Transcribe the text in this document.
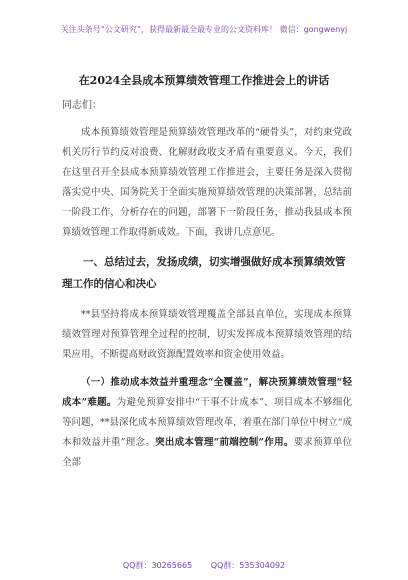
关注头条号“公文研究”，获得最新最全最专业的公文资料库！ 微信：gongwenyj
在2024全县成本预算绩效管理工作推进会上的讲话

同志们：

成本预算绩效管理是预算绩效管理改革的“硬骨头”，对约束党政机关厉行节约反对浪费、化解财政收支矛盾有重要意义。今天，我们在这里召开全县成本预算绩效管理工作推进会，主要任务是深入贯彻落实党中央、国务院关于全面实施预算绩效管理的决策部署，总结前一阶段工作，分析存在的问题，部署下一阶段任务，推动我县成本预算绩效管理工作取得新成效。下面，我讲几点意见。

一、总结过去，发扬成绩，切实增强做好成本预算绩效管理工作的信心和决心

**县坚持将成本预算绩效管理覆盖全部县直单位，实现成本预算绩效管理对预算管理全过程的控制，切实发挥成本预算绩效管理的结果应用，不断提高财政资源配置效率和资金使用效益。

（一）推动成本效益并重理念“全覆盖”，解决预算绩效管理“轻成本”难题。为避免预算安排中“干事不计成本”、项目成本不够细化等问题，**县深化成本预算绩效管理改革，着重在部门单位中树立“成本和效益并重”理念。突出成本管理“前端控制”作用。要求预算单位全部

QQ群：30265665 QQ群：535304092
